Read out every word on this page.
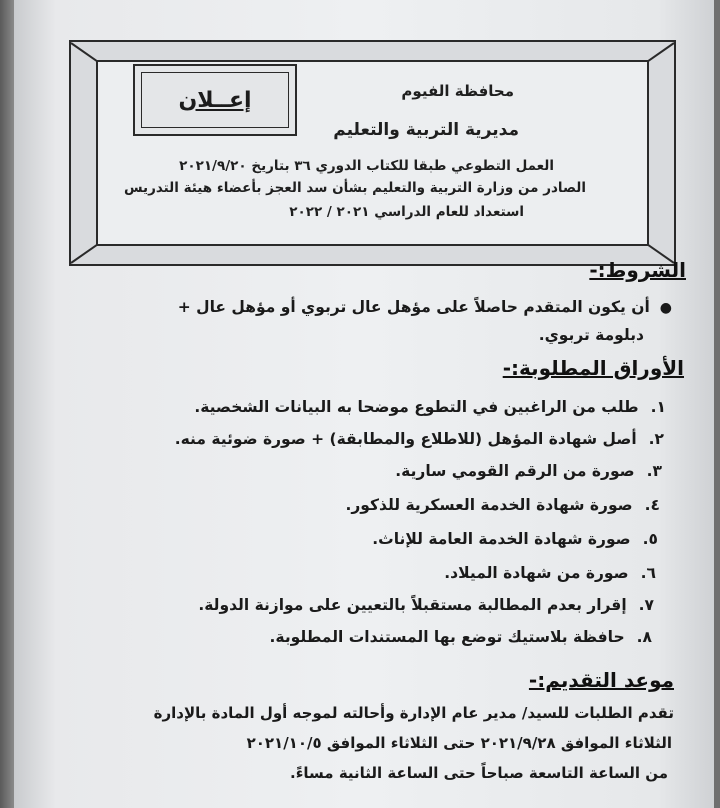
إعــلان	محافظة الفيوم
مديرية التربية والتعليم
العمل التطوعي طبقا للكتاب الدوري ٣٦ بتاريخ ٢٠٢١/٩/٢٠
الصادر من وزارة التربية والتعليم بشأن سد العجز بأعضاء هيئة التدريس
استعداد للعام الدراسي ٢٠٢١ / ٢٠٢٢
الشروط:-
●أن يكون المتقدم حاصلاً على مؤهل عال تربوي أو مؤهل عال +
دبلومة تربوي.
الأوراق المطلوبة:-
١.طلب من الراغبين في التطوع موضحا به البيانات الشخصية.
٢.أصل شهادة المؤهل (للاطلاع والمطابقة) + صورة ضوئية منه.
٣.صورة من الرقم القومي سارية.
٤.صورة شهادة الخدمة العسكرية للذكور.
٥.صورة شهادة الخدمة العامة للإناث.
٦.صورة من شهادة الميلاد.
٧.إقرار بعدم المطالبة مستقبلاً بالتعيين على موازنة الدولة.
٨.حافظة بلاستيك توضع بها المستندات المطلوبة.
موعد التقديم:-
تقدم الطلبات للسيد/ مدير عام الإدارة وأحالته لموجه أول المادة بالإدارة
الثلاثاء الموافق ٢٠٢١/٩/٢٨ حتى الثلاثاء الموافق ٢٠٢١/١٠/٥
من الساعة التاسعة صباحاً حتى الساعة الثانية مساءً.
